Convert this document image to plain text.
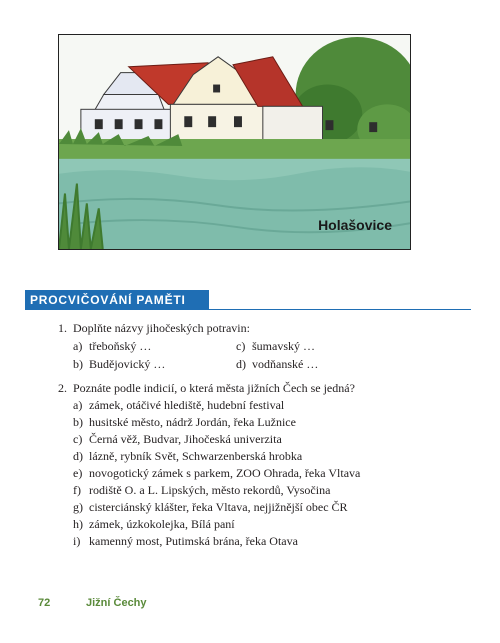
Holašovice
PROCVIČOVÁNÍ PAMĚTI
1. Doplňte názvy jihočeských potravin:
a) třeboňský …
b) Budějovický …
c) šumavský …
d) vodňanské …
2. Poznáte podle indicií, o která města jižních Čech se jedná?
a) zámek, otáčivé hlediště, hudební festival
b) husitské město, nádrž Jordán, řeka Lužnice
c) Černá věž, Budvar, Jihočeská univerzita
d) lázně, rybník Svět, Schwarzenberská hrobka
e) novogotický zámek s parkem, ZOO Ohrada, řeka Vltava
f) rodiště O. a L. Lipských, město rekordů, Vysočina
g) cisterciánský klášter, řeka Vltava, nejjižnější obec ČR
h) zámek, úzkokolejka, Bílá paní
i) kamenný most, Putimská brána, řeka Otava
72	Jižní Čechy
